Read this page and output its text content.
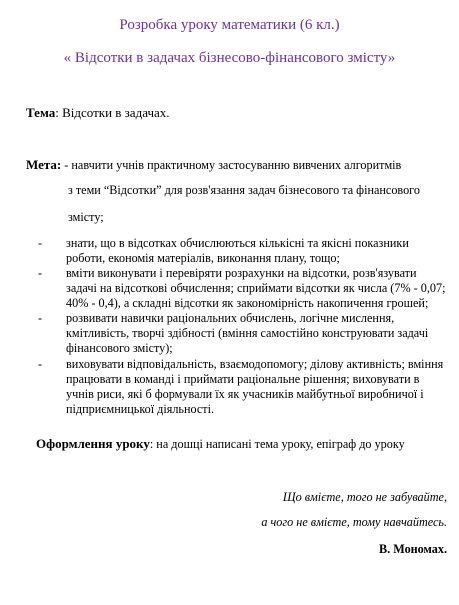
Розробка уроку математики (6 кл.)
« Відсотки в задачах бізнесово-фінансового змісту»
Тема: Відсотки в задачах.
Мета: - навчити учнів практичному застосуванню вивчених алгоритмів
з теми “Відсотки” для розв'язання задач бізнесового та фінансового
змісту;
- знати, що в відсотках обчислюються кількісні та якісні показники
роботи, економія матеріалів, виконання плану, тощо;
- вміти виконувати і перевіряти розрахунки на відсотки, розв'язувати
задачі на відсоткові обчислення; сприймати відсотки як числа (7% - 0,07;
40% - 0,4), а складні відсотки як закономірність накопичення грошей;
- розвивати навички раціональних обчислень, логічне мислення,
кмітливість, творчі здібності (вміння самостійно конструювати задачі
фінансового змісту);
- виховувати відповідальність, взаємодопомогу; ділову активність; вміння
працювати в команді і приймати раціональне рішення; виховувати в
учнів риси, які б формували їх як учасників майбутньої виробничої і
підприємницької діяльності.
Оформлення уроку: на дошці написані тема уроку, епіграф до уроку
Що вмієте, того не забувайте,
а чого не вмієте, тому навчайтесь.
В. Мономах.
